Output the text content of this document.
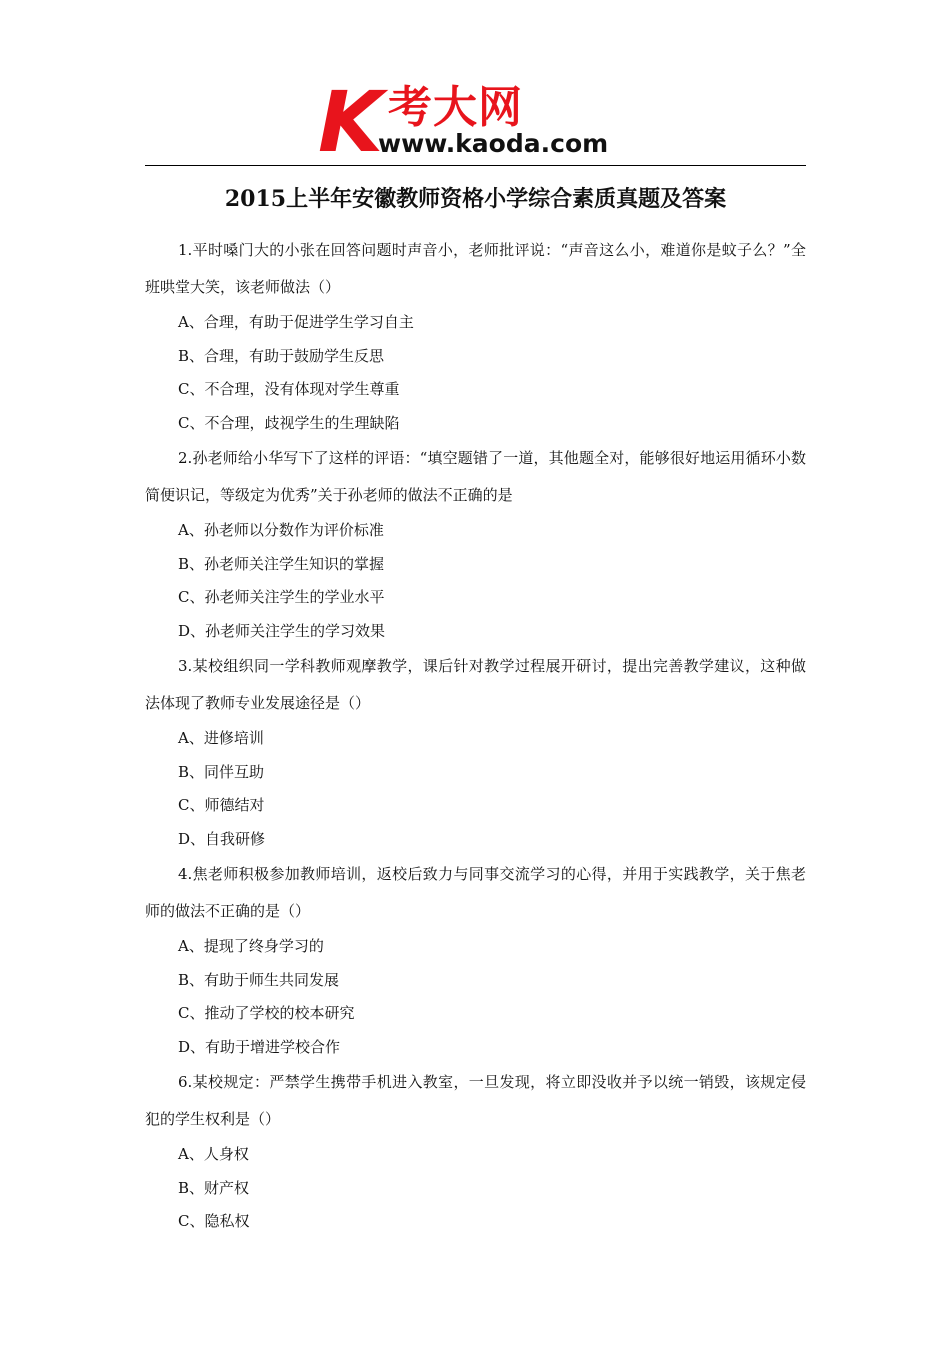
K 考大网
www.kaoda.com
2015上半年安徽教师资格小学综合素质真题及答案

1.平时嗓门大的小张在回答问题时声音小，老师批评说：“声音这么小，难道你是蚊子么？”全班哄堂大笑，该老师做法（）

A、合理，有助于促进学生学习自主
B、合理，有助于鼓励学生反思
C、不合理，没有体现对学生尊重
C、不合理，歧视学生的生理缺陷

2.孙老师给小华写下了这样的评语：“填空题错了一道，其他题全对，能够很好地运用循环小数简便识记，等级定为优秀”关于孙老师的做法不正确的是

A、孙老师以分数作为评价标准
B、孙老师关注学生知识的掌握
C、孙老师关注学生的学业水平
D、孙老师关注学生的学习效果

3.某校组织同一学科教师观摩教学，课后针对教学过程展开研讨，提出完善教学建议，这种做法体现了教师专业发展途径是（）

A、进修培训
B、同伴互助
C、师德结对
D、自我研修

4.焦老师积极参加教师培训，返校后致力与同事交流学习的心得，并用于实践教学，关于焦老师的做法不正确的是（）

A、提现了终身学习的
B、有助于师生共同发展
C、推动了学校的校本研究
D、有助于增进学校合作

6.某校规定：严禁学生携带手机进入教室，一旦发现，将立即没收并予以统一销毁，该规定侵犯的学生权利是（）

A、人身权
B、财产权
C、隐私权
